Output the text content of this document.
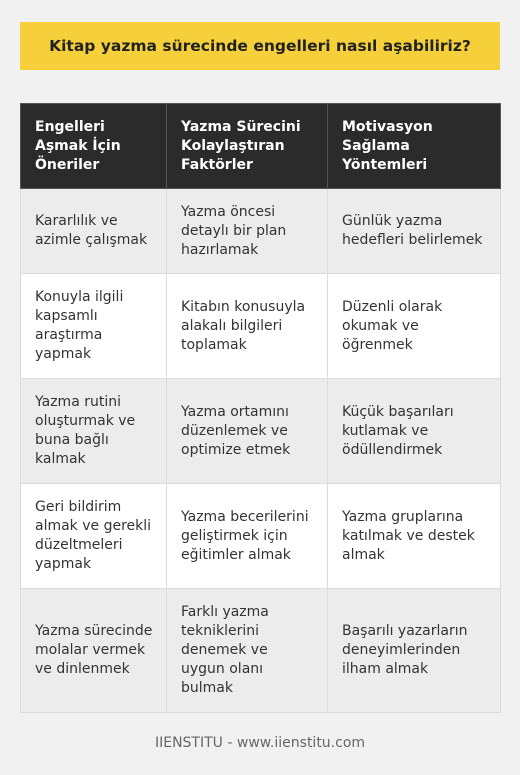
Kitap yazma sürecinde engelleri nasıl aşabiliriz?
Engelleri Aşmak İçin Öneriler	Yazma Sürecini Kolaylaştıran Faktörler	Motivasyon Sağlama Yöntemleri
Kararlılık ve azimle çalışmak	Yazma öncesi detaylı bir plan hazırlamak	Günlük yazma hedefleri belirlemek
Konuyla ilgili kapsamlı araştırma yapmak	Kitabın konusuyla alakalı bilgileri toplamak	Düzenli olarak okumak ve öğrenmek
Yazma rutini oluşturmak ve buna bağlı kalmak	Yazma ortamını düzenlemek ve optimize etmek	Küçük başarıları kutlamak ve ödüllendirmek
Geri bildirim almak ve gerekli düzeltmeleri yapmak	Yazma becerilerini geliştirmek için eğitimler almak	Yazma gruplarına katılmak ve destek almak
Yazma sürecinde molalar vermek ve dinlenmek	Farklı yazma tekniklerini denemek ve uygun olanı bulmak	Başarılı yazarların deneyimlerinden ilham almak
IIENSTITU - www.iienstitu.com
